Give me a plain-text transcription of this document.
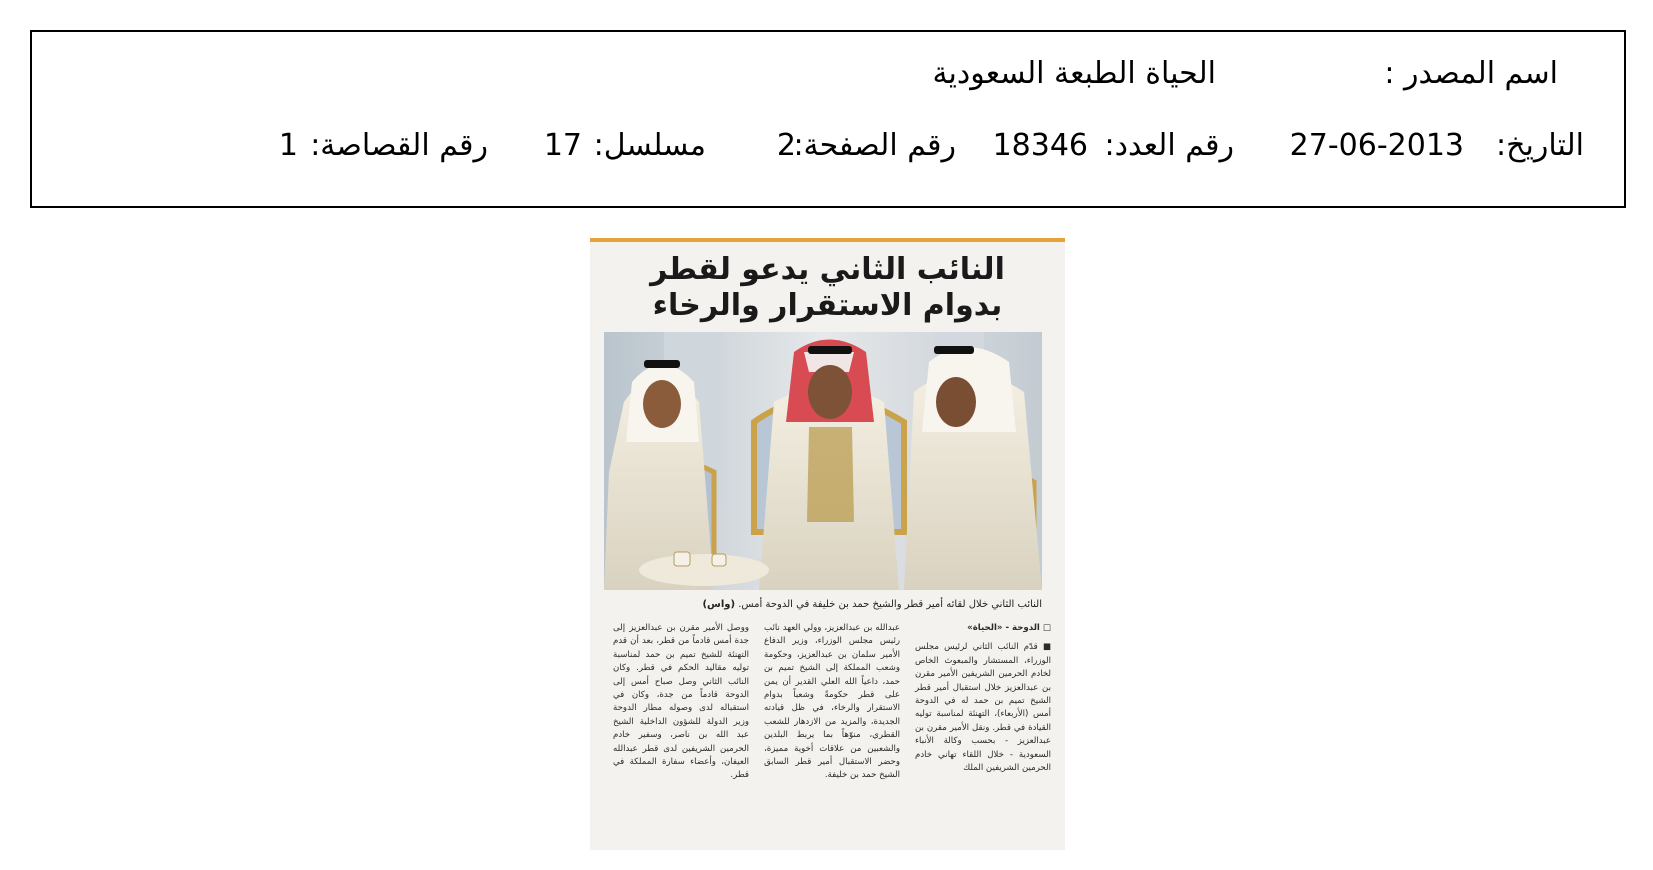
اسم المصدر :
الحياة الطبعة السعودية
التاريخ:
27-06-2013
رقم العدد:
18346
رقم الصفحة:
2
مسلسل:
17
رقم القصاصة:
1
النائب الثاني يدعو لقطر
بدوام الاستقرار والرخاء
النائب الثاني خلال لقائه أمير قطر والشيخ حمد بن خليفة في الدوحة أمس. (واس)
□ الدوحة - «الحياة»
■ قدّم النائب الثاني لرئيس مجلس الوزراء، المستشار والمبعوث الخاص لخادم الحرمين الشريفين الأمير مقرن بن عبدالعزيز خلال استقبال أمير قطر الشيخ تميم بن حمد له في الدوحة أمس (الأربعاء)، التهنئة لمناسبة توليه القيادة في قطر. ونقل الأمير مقرن بن عبدالعزيز - بحسب وكالة الأنباء السعودية - خلال اللقاء تهاني خادم الحرمين الشريفين الملك
عبدالله بن عبدالعزيز، وولي العهد نائب رئيس مجلس الوزراء، وزير الدفاع الأمير سلمان بن عبدالعزيز، وحكومة وشعب المملكة إلى الشيخ تميم بن حمد، داعياً الله العلي القدير أن يمن على قطر حكومةً وشعباً بدوام الاستقرار والرخاء، في ظل قيادته الجديدة، والمزيد من الازدهار للشعب القطري، منوّهاً بما يربط البلدين والشعبين من علاقات أخوية مميزة، وحضر الاستقبال أمير قطر السابق الشيخ حمد بن خليفة.
ووصل الأمير مقرن بن عبدالعزيز إلى جدة أمس قادماً من قطر، بعد أن قدم التهنئة للشيخ تميم بن حمد لمناسبة توليه مقاليد الحكم في قطر. وكان النائب الثاني وصل صباح أمس إلى الدوحة قادماً من جدة، وكان في استقباله لدى وصوله مطار الدوحة وزير الدولة للشؤون الداخلية الشيخ عبد الله بن ناصر، وسفير خادم الحرمين الشريفين لدى قطر عبدالله العيفان، وأعضاء سفارة المملكة في قطر.
